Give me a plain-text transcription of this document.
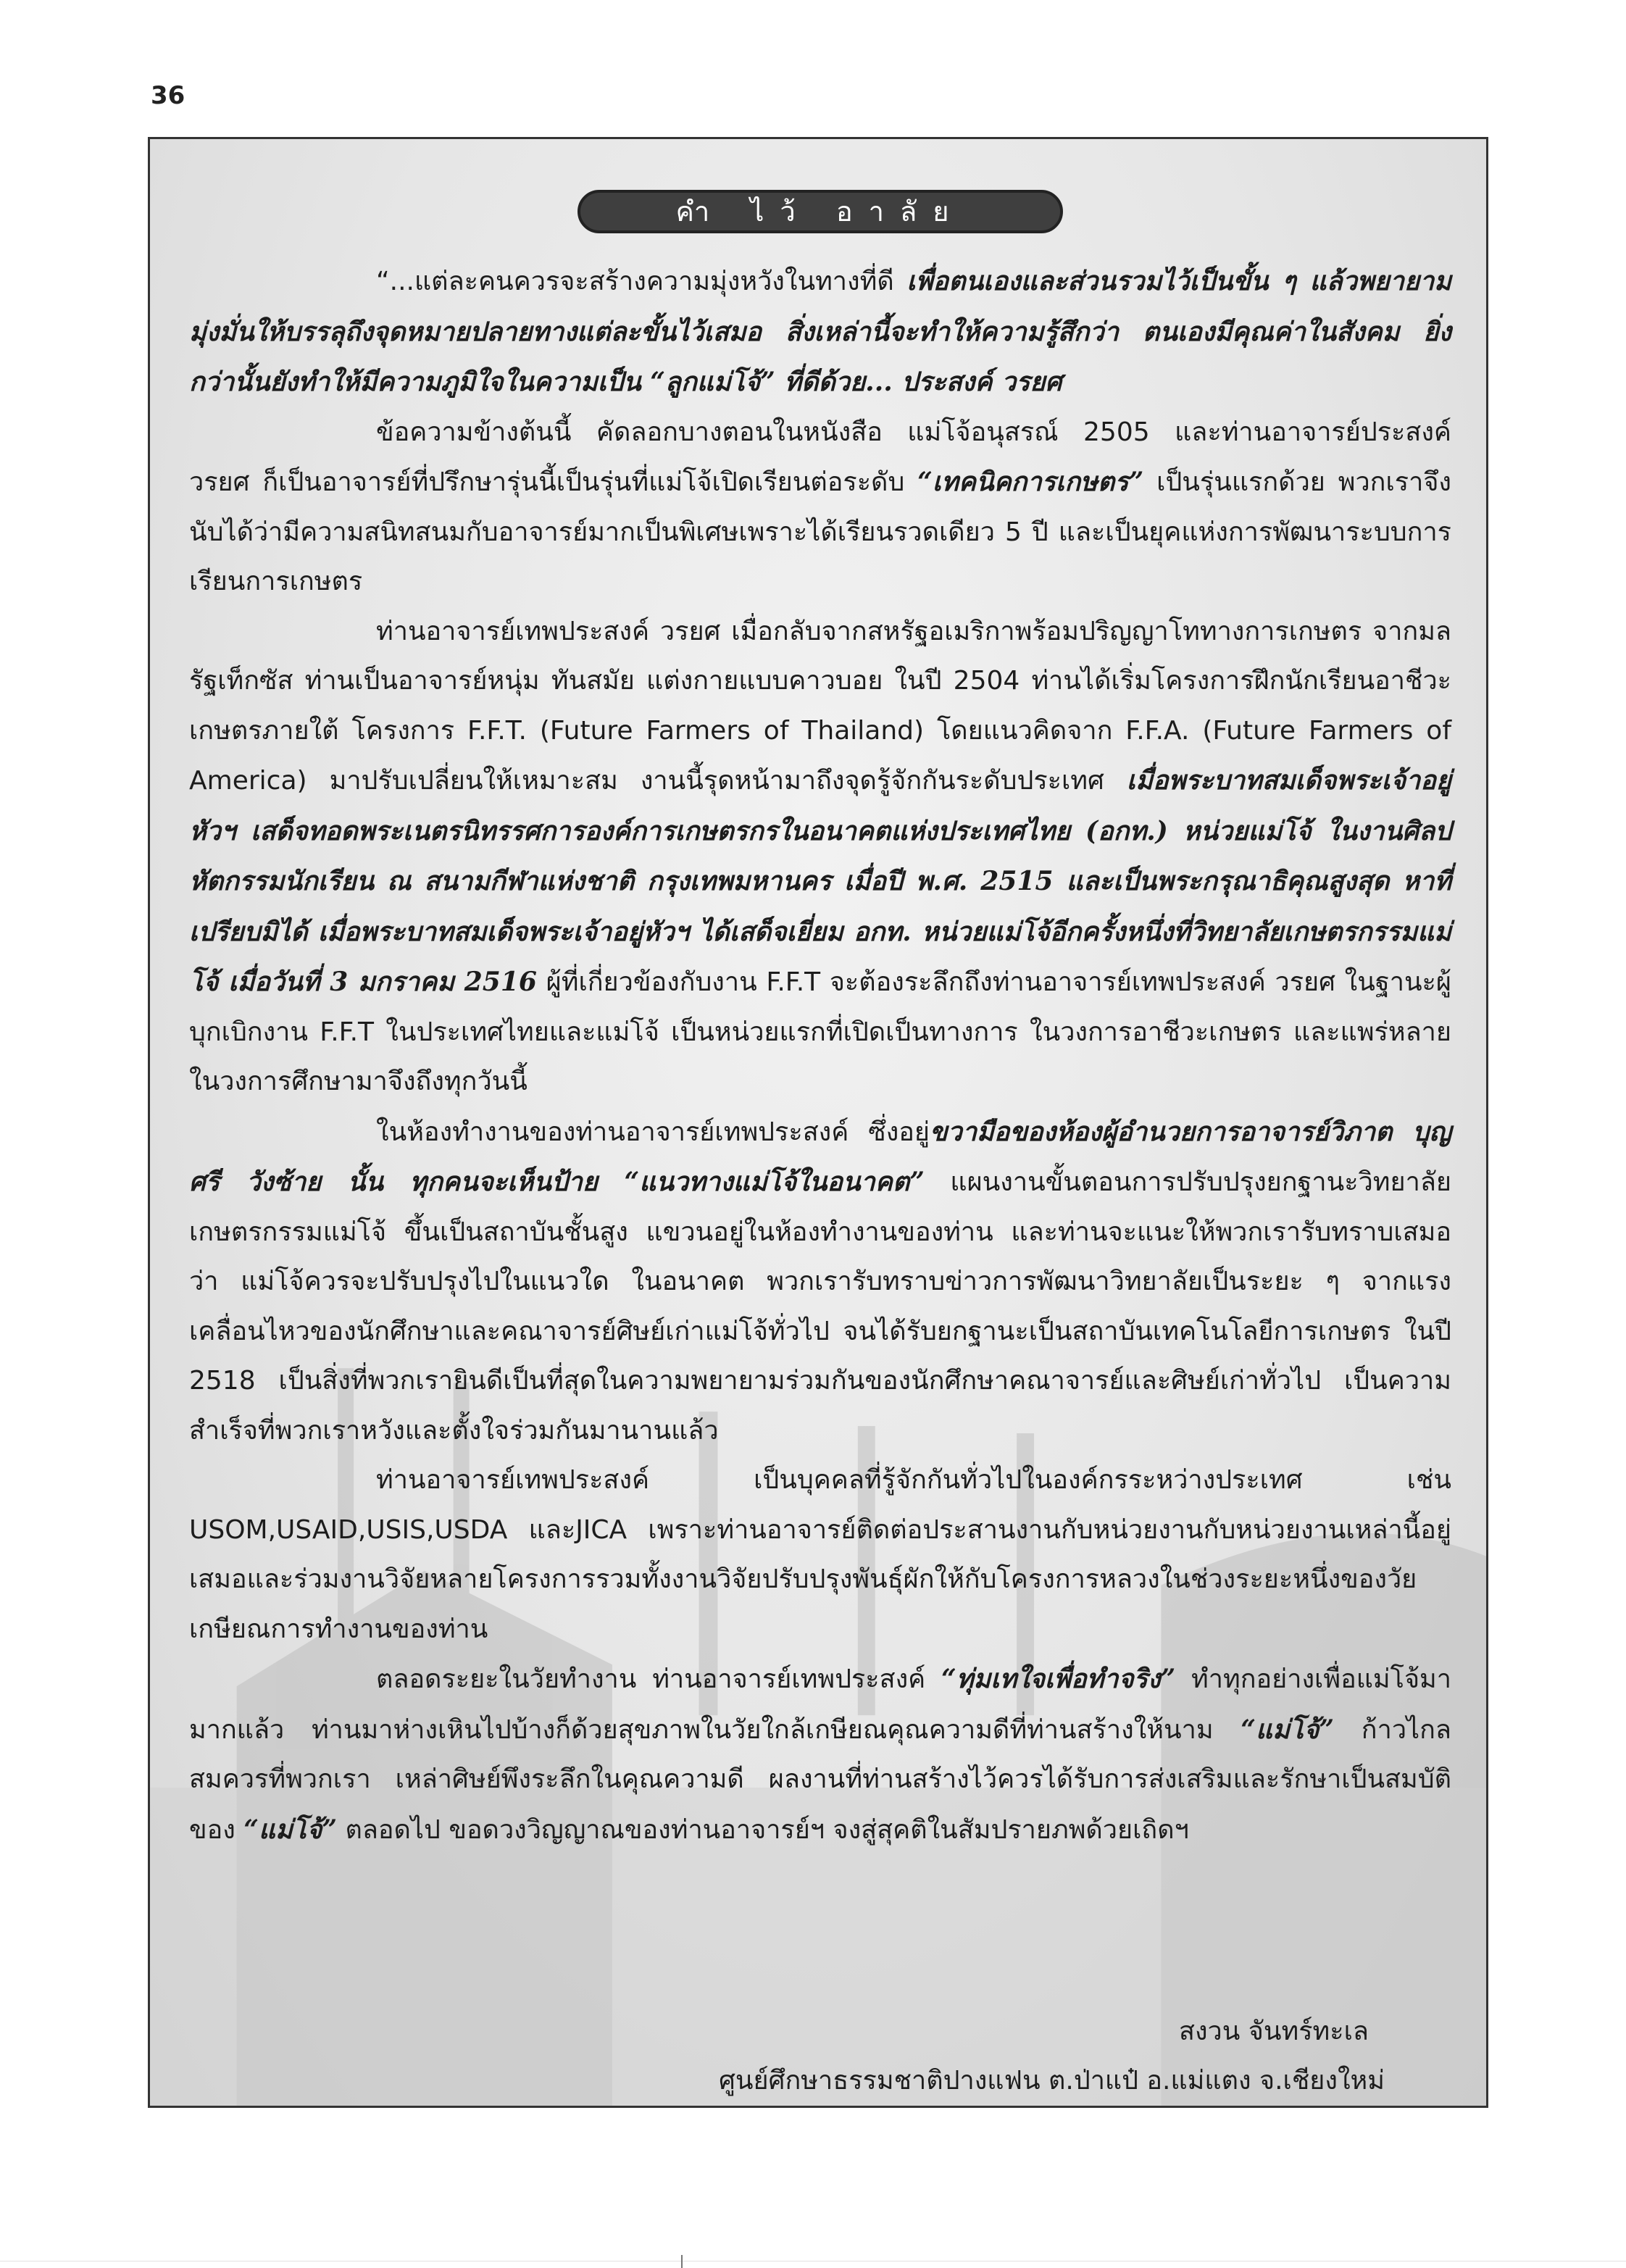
36
คำ ไว้ อาลัย

“...แต่ละคนควรจะสร้างความมุ่งหวังในทางที่ดี เพื่อตนเองและส่วนรวมไว้เป็นขั้น ๆ แล้วพยายามมุ่งมั่นให้บรรลุถึงจุดหมายปลายทางแต่ละขั้นไว้เสมอ สิ่งเหล่านี้จะทำให้ความรู้สึกว่า ตนเองมีคุณค่าในสังคม ยิ่งกว่านั้นยังทำให้มีความภูมิใจในความเป็น “ลูกแม่โจ้” ที่ดีด้วย... ประสงค์ วรยศ

ข้อความข้างต้นนี้ คัดลอกบางตอนในหนังสือ แม่โจ้อนุสรณ์ 2505 และท่านอาจารย์ประสงค์ วรยศ ก็เป็นอาจารย์ที่ปรึกษารุ่นนี้เป็นรุ่นที่แม่โจ้เปิดเรียนต่อระดับ “เทคนิคการเกษตร” เป็นรุ่นแรกด้วย พวกเราจึงนับได้ว่ามีความสนิทสนมกับอาจารย์มากเป็นพิเศษเพราะได้เรียนรวดเดียว 5 ปี และเป็นยุคแห่งการพัฒนาระบบการเรียนการเกษตร

ท่านอาจารย์เทพประสงค์ วรยศ เมื่อกลับจากสหรัฐอเมริกาพร้อมปริญญาโททางการเกษตร จากมลรัฐเท็กซัส ท่านเป็นอาจารย์หนุ่ม ทันสมัย แต่งกายแบบคาวบอย ในปี 2504 ท่านได้เริ่มโครงการฝึกนักเรียนอาชีวะเกษตรภายใต้ โครงการ F.F.T. (Future Farmers of Thailand) โดยแนวคิดจาก F.F.A. (Future Farmers of America) มาปรับเปลี่ยนให้เหมาะสม งานนี้รุดหน้ามาถึงจุดรู้จักกันระดับประเทศ เมื่อพระบาทสมเด็จพระเจ้าอยู่หัวฯ เสด็จทอดพระเนตรนิทรรศการองค์การเกษตรกรในอนาคตแห่งประเทศไทย (อกท.) หน่วยแม่โจ้ ในงานศิลปหัตกรรมนักเรียน ณ สนามกีฬาแห่งชาติ กรุงเทพมหานคร เมื่อปี พ.ศ. 2515 และเป็นพระกรุณาธิคุณสูงสุด หาที่เปรียบมิได้ เมื่อพระบาทสมเด็จพระเจ้าอยู่หัวฯ ได้เสด็จเยี่ยม อกท. หน่วยแม่โจ้อีกครั้งหนึ่งที่วิทยาลัยเกษตรกรรมแม่โจ้ เมื่อวันที่ 3 มกราคม 2516 ผู้ที่เกี่ยวข้องกับงาน F.F.T จะต้องระลึกถึงท่านอาจารย์เทพประสงค์ วรยศ ในฐานะผู้บุกเบิกงาน F.F.T ในประเทศไทยและแม่โจ้ เป็นหน่วยแรกที่เปิดเป็นทางการ ในวงการอาชีวะเกษตร และแพร่หลายในวงการศึกษามาจึงถึงทุกวันนี้

ในห้องทำงานของท่านอาจารย์เทพประสงค์ ซึ่งอยู่ขวามือของห้องผู้อำนวยการอาจารย์วิภาต บุญศรี วังซ้าย นั้น ทุกคนจะเห็นป้าย “แนวทางแม่โจ้ในอนาคต” แผนงานขั้นตอนการปรับปรุงยกฐานะวิทยาลัยเกษตรกรรมแม่โจ้ ขึ้นเป็นสถาบันชั้นสูง แขวนอยู่ในห้องทำงานของท่าน และท่านจะแนะให้พวกเรารับทราบเสมอว่า แม่โจ้ควรจะปรับปรุงไปในแนวใด ในอนาคต พวกเรารับทราบข่าวการพัฒนาวิทยาลัยเป็นระยะ ๆ จากแรงเคลื่อนไหวของนักศึกษาและคณาจารย์ศิษย์เก่าแม่โจ้ทั่วไป จนได้รับยกฐานะเป็นสถาบันเทคโนโลยีการเกษตร ในปี 2518 เป็นสิ่งที่พวกเรายินดีเป็นที่สุดในความพยายามร่วมกันของนักศึกษาคณาจารย์และศิษย์เก่าทั่วไป เป็นความสำเร็จที่พวกเราหวังและตั้งใจร่วมกันมานานแล้ว

ท่านอาจารย์เทพประสงค์ เป็นบุคคลที่รู้จักกันทั่วไปในองค์กรระหว่างประเทศ เช่น USOM,USAID,USIS,USDA และJICA เพราะท่านอาจารย์ติดต่อประสานงานกับหน่วยงานกับหน่วยงานเหล่านี้อยู่เสมอและร่วมงานวิจัยหลายโครงการรวมทั้งงานวิจัยปรับปรุงพันธุ์ผักให้กับโครงการหลวงในช่วงระยะหนึ่งของวัยเกษียณการทำงานของท่าน

ตลอดระยะในวัยทำงาน ท่านอาจารย์เทพประสงค์ “ทุ่มเทใจเพื่อทำจริง” ทำทุกอย่างเพื่อแม่โจ้มามากแล้ว ท่านมาห่างเหินไปบ้างก็ด้วยสุขภาพในวัยใกล้เกษียณคุณความดีที่ท่านสร้างให้นาม “แม่โจ้” ก้าวไกลสมควรที่พวกเรา เหล่าศิษย์พึงระลึกในคุณความดี ผลงานที่ท่านสร้างไว้ควรได้รับการส่งเสริมและรักษาเป็นสมบัติของ “แม่โจ้” ตลอดไป ขอดวงวิญญาณของท่านอาจารย์ฯ จงสู่สุคติในสัมปรายภพด้วยเถิดฯ

สงวน จันทร์ทะเล
ศูนย์ศึกษาธรรมชาติปางแฟน ต.ป่าแป๋ อ.แม่แตง จ.เชียงใหม่
